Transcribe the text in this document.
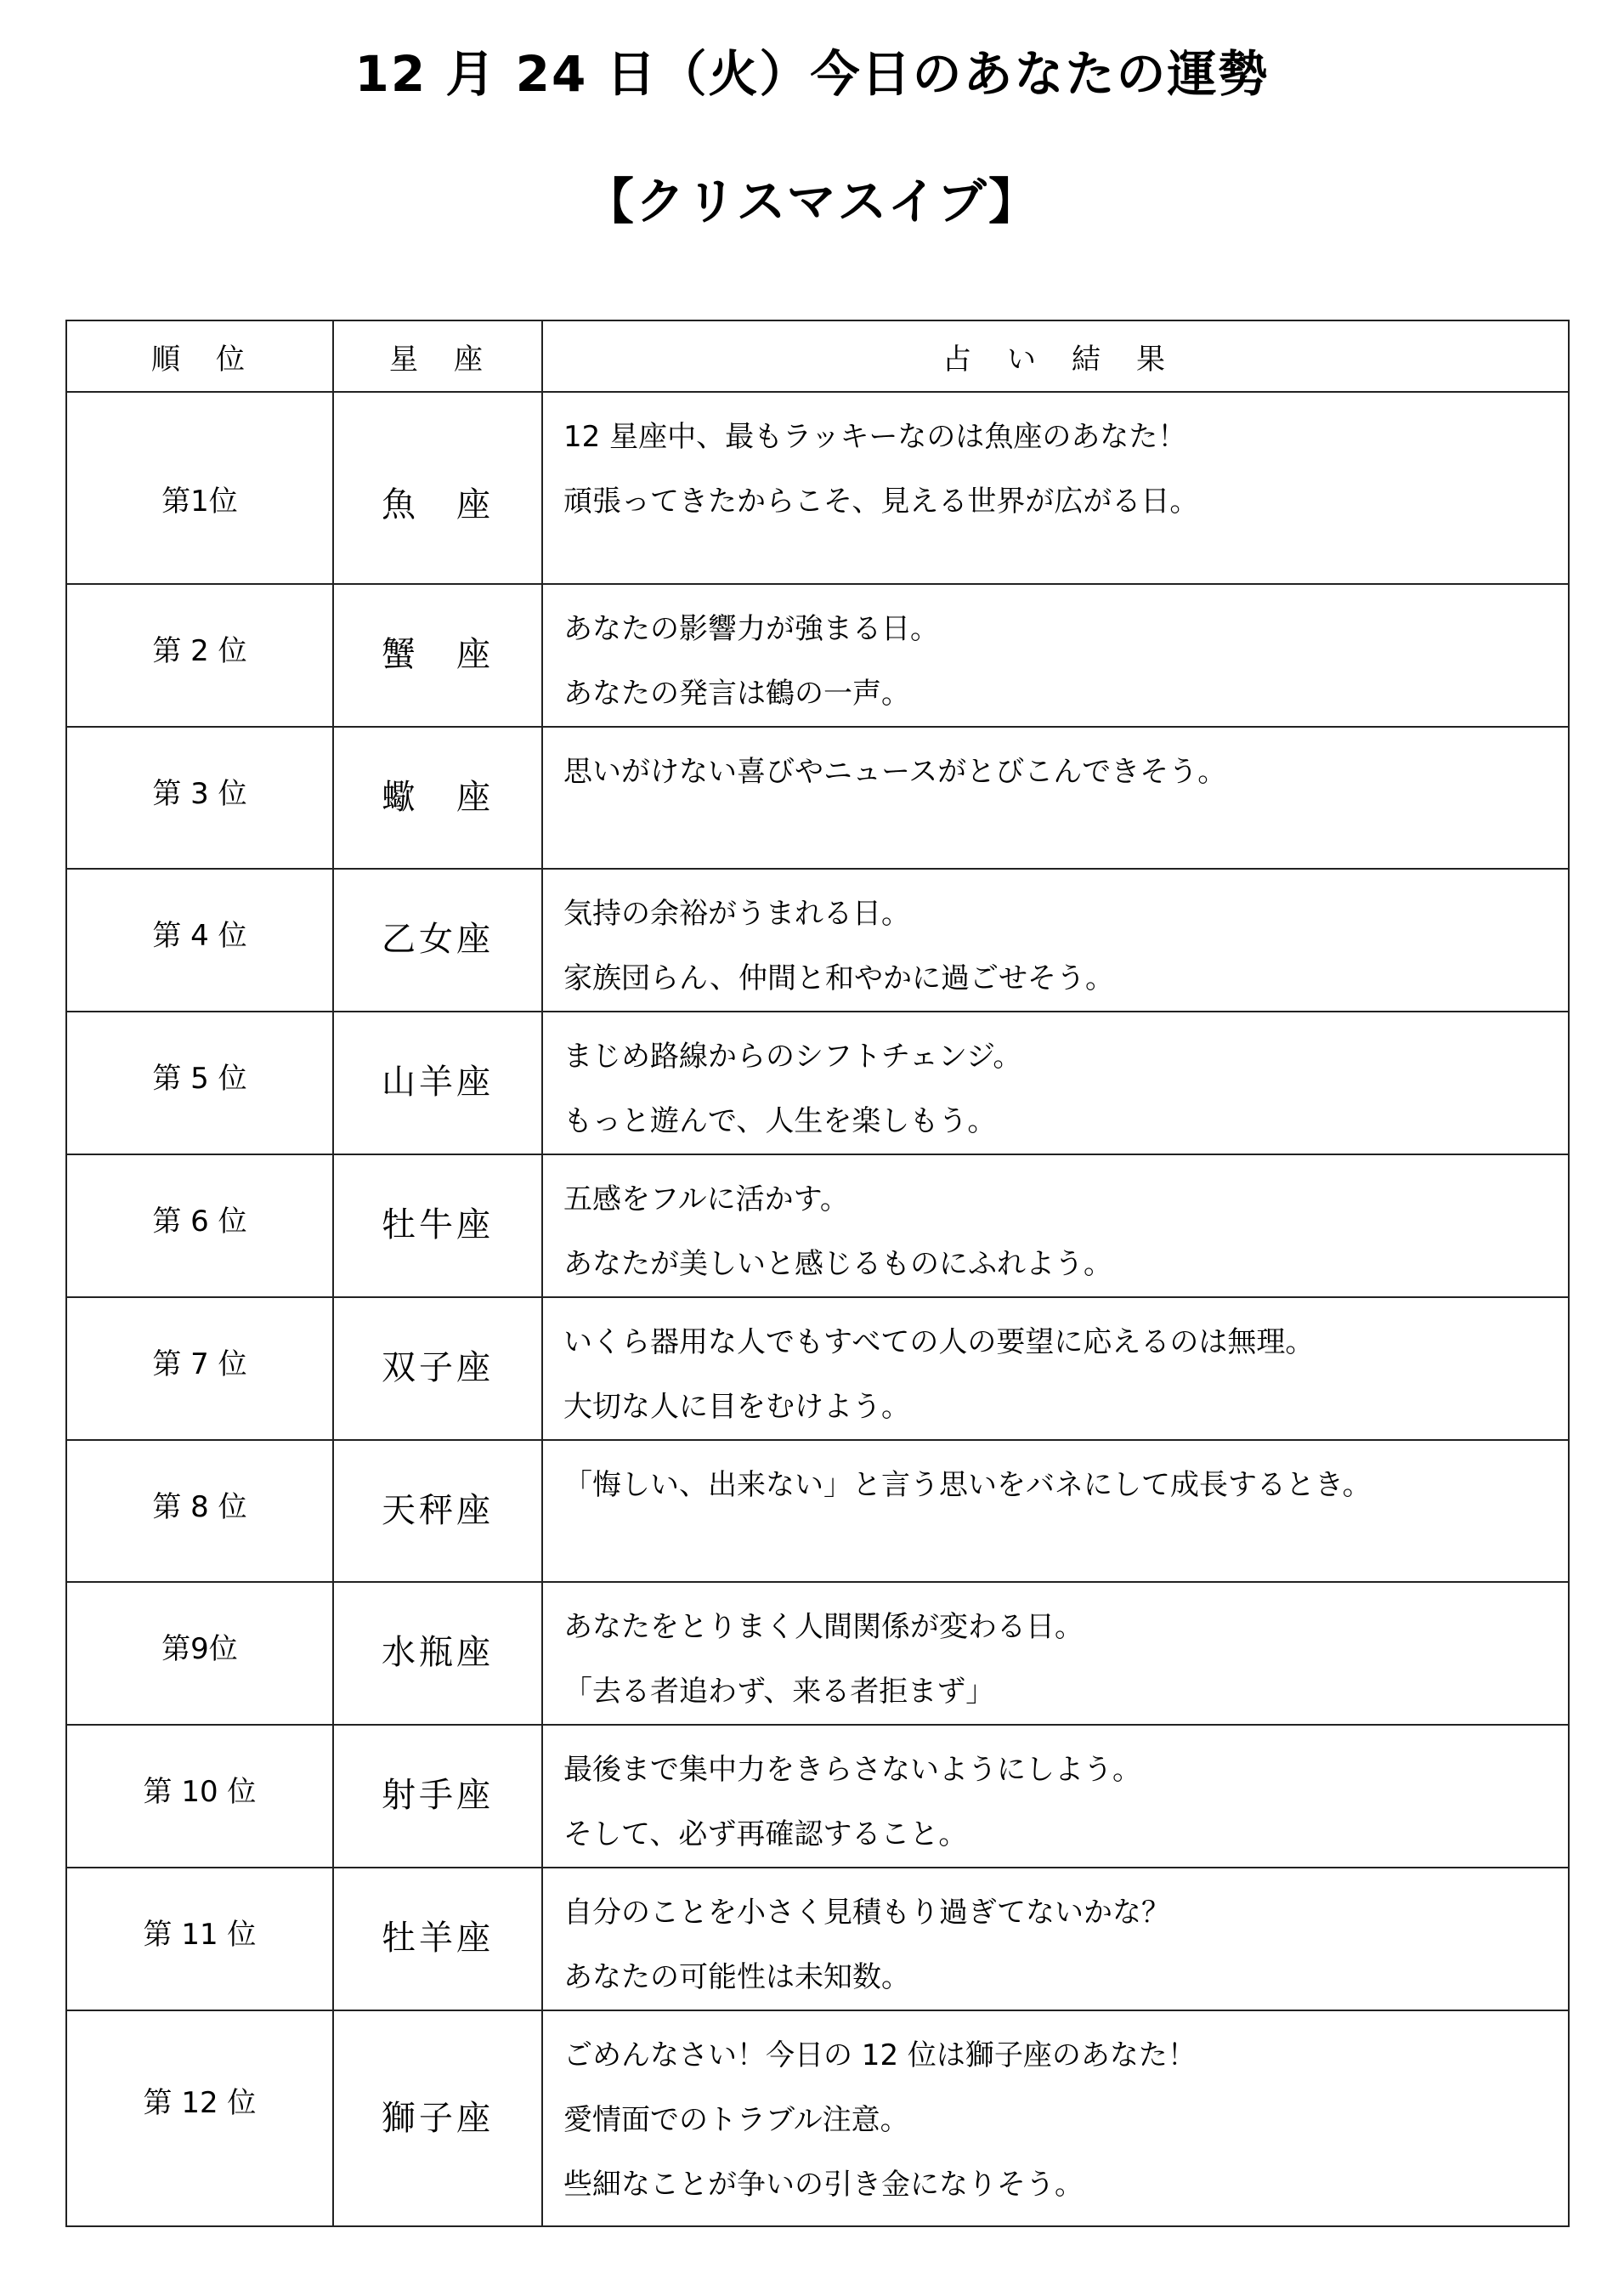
12 月 24 日（火）今日のあなたの運勢
【クリスマスイブ】
順　位	星　座	占　い　結　果
第1位	魚　座	12 星座中、最もラッキーなのは魚座のあなた！
頑張ってきたからこそ、見える世界が広がる日。

第 2 位	蟹　座	あなたの影響力が強まる日。
あなたの発言は鶴の一声。

第 3 位	蠍　座	思いがけない喜びやニュースがとびこんできそう。

第 4 位	乙女座	気持の余裕がうまれる日。
家族団らん、仲間と和やかに過ごせそう。

第 5 位	山羊座	まじめ路線からのシフトチェンジ。
もっと遊んで、人生を楽しもう。

第 6 位	牡牛座	五感をフルに活かす。
あなたが美しいと感じるものにふれよう。

第 7 位	双子座	いくら器用な人でもすべての人の要望に応えるのは無理。
大切な人に目をむけよう。

第 8 位	天秤座	「悔しい、出来ない」と言う思いをバネにして成長するとき。

第9位	水瓶座	あなたをとりまく人間関係が変わる日。
「去る者追わず、来る者拒まず」

第 10 位	射手座	最後まで集中力をきらさないようにしよう。
そして、必ず再確認すること。

第 11 位	牡羊座	自分のことを小さく見積もり過ぎてないかな？
あなたの可能性は未知数。

第 12 位	獅子座	ごめんなさい！今日の 12 位は獅子座のあなた！
愛情面でのトラブル注意。
些細なことが争いの引き金になりそう。
